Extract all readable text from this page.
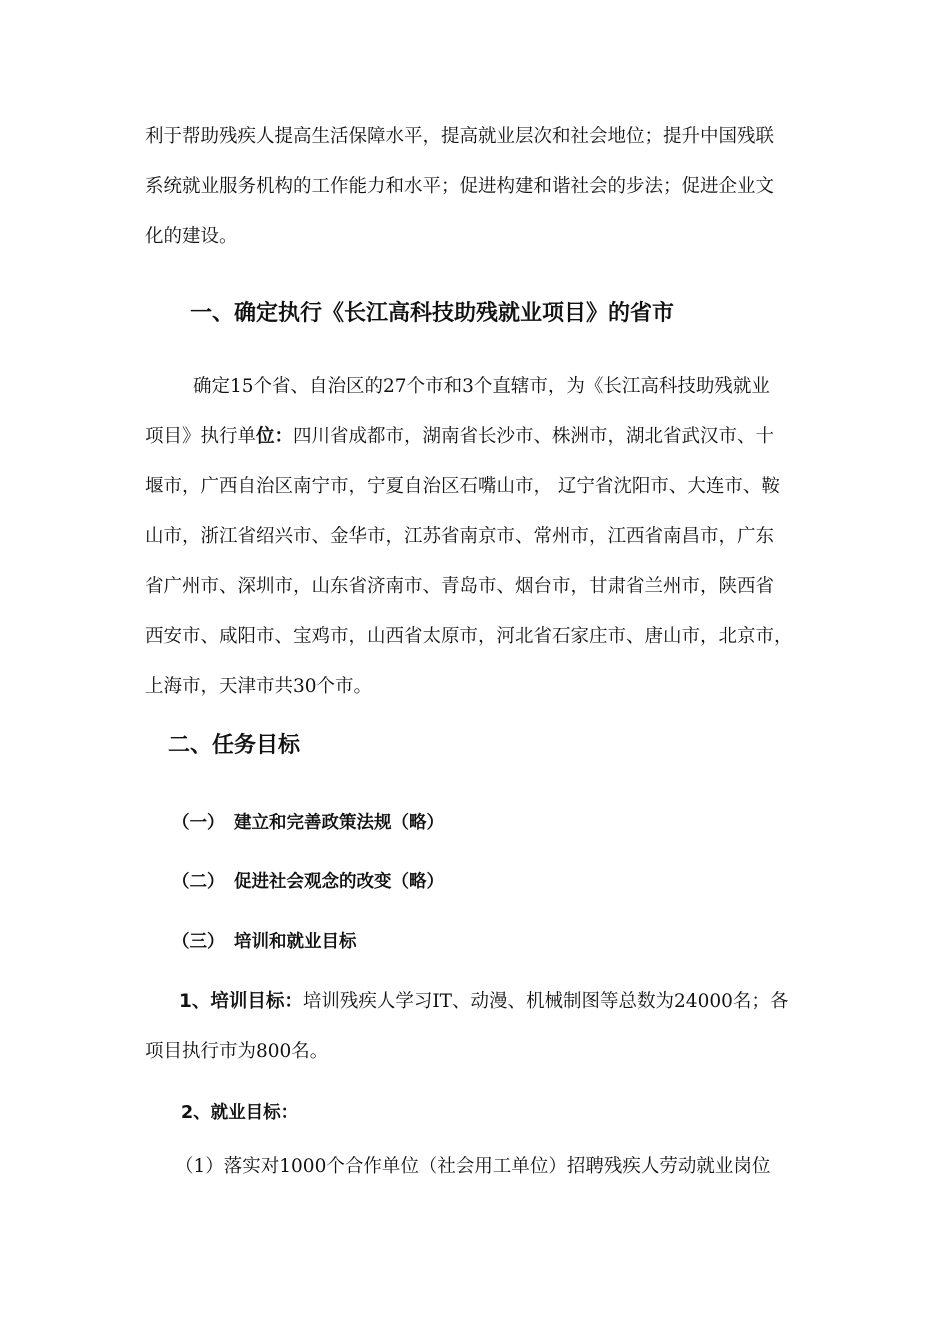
利于帮助残疾人提高生活保障水平，提高就业层次和社会地位；提升中国残联
系统就业服务机构的工作能力和水平；促进构建和谐社会的步法；促进企业文
化的建设。
一、确定执行《长江高科技助残就业项目》的省市
确定15个省、自治区的27个市和3个直辖市，为《长江高科技助残就业
项目》执行单位：四川省成都市，湖南省长沙市、株洲市，湖北省武汉市、十
堰市，广西自治区南宁市，宁夏自治区石嘴山市， 辽宁省沈阳市、大连市、鞍
山市，浙江省绍兴市、金华市，江苏省南京市、常州市，江西省南昌市，广东
省广州市、深圳市，山东省济南市、青岛市、烟台市，甘肃省兰州市，陕西省
西安市、咸阳市、宝鸡市，山西省太原市，河北省石家庄市、唐山市，北京市，
上海市，天津市共30个市。
二、任务目标
（一） 建立和完善政策法规（略）
（二） 促进社会观念的改变（略）
（三） 培训和就业目标
1、培训目标：培训残疾人学习IT、动漫、机械制图等总数为24000名；各
项目执行市为800名。
2、就业目标：
（1）落实对1000个合作单位（社会用工单位）招聘残疾人劳动就业岗位
